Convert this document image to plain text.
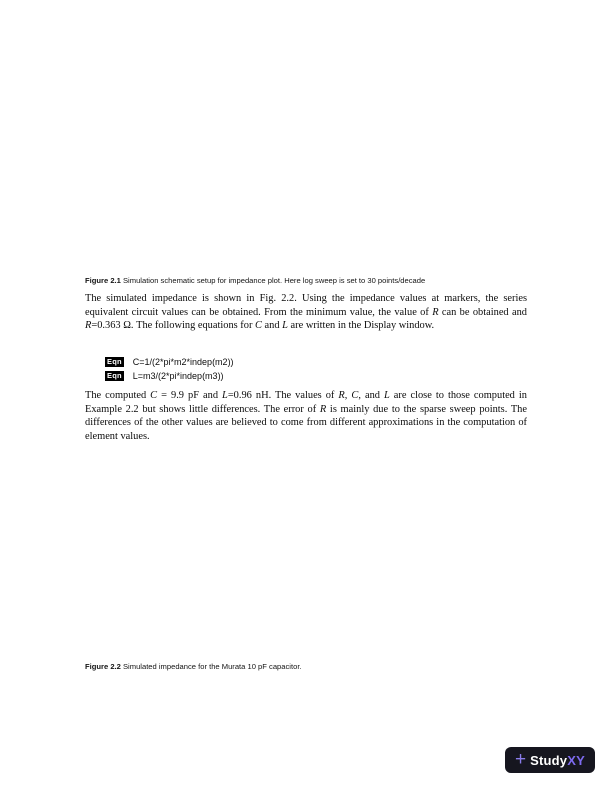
Figure 2.1 Simulation schematic setup for impedance plot. Here log sweep is set to 30 points/decade

The simulated impedance is shown in Fig. 2.2. Using the impedance values at markers, the series equivalent circuit values can be obtained. From the minimum value, the value of R can be obtained and R=0.363 Ω. The following equations for C and L are written in the Display window.

Eqn C=1/(2*pi*m2*indep(m2))
Eqn L=m3/(2*pi*indep(m3))

The computed C = 9.9 pF and L=0.96 nH. The values of R, C, and L are close to those computed in Example 2.2 but shows little differences. The error of R is mainly due to the sparse sweep points. The differences of the other values are believed to come from different approximations in the computation of element values.

Figure 2.2 Simulated impedance for the Murata 10 pF capacitor.

+ StudyXY
